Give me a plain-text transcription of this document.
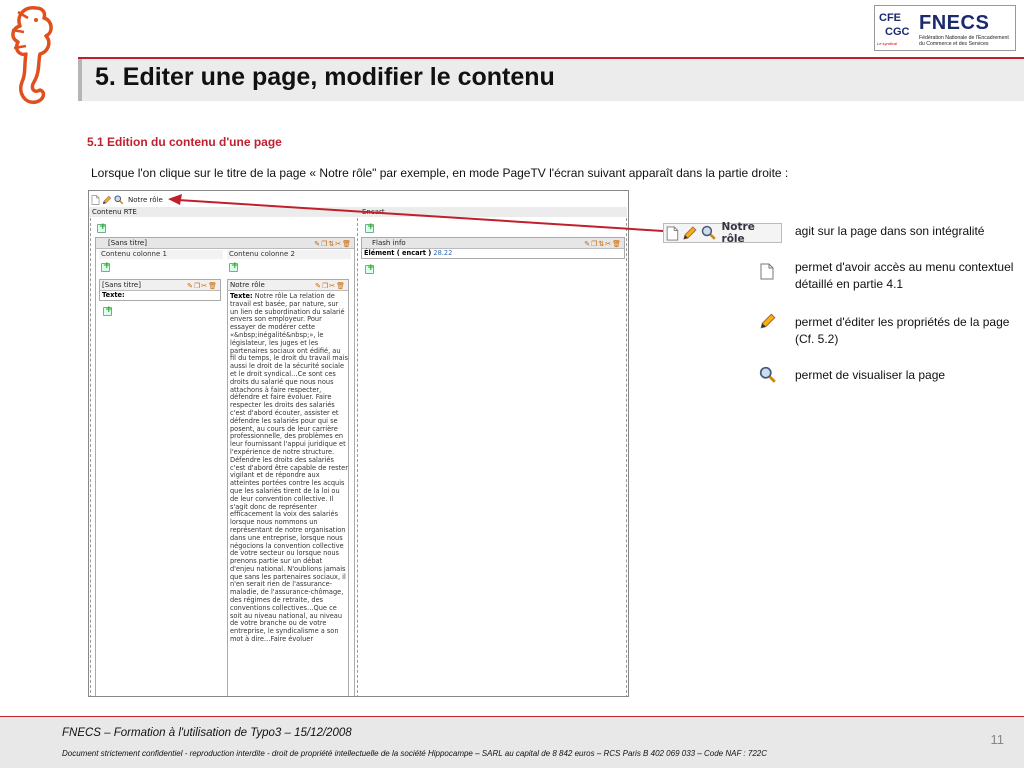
5. Editer une page, modifier le contenu
CFE
CGC
Le syndical
FNECS
Fédération Nationale de l'Encadrement
du Commerce et des Services
5.1 Edition du contenu d'une page
Lorsque l'on clique sur le titre de la page « Notre rôle" par exemple, en mode PageTV l'écran suivant apparaît dans la partie droite :
Notre rôle
Contenu RTE	Encart
+
+
[Sans titre]	✎❐⇅✂🗑
Contenu colonne 1	Contenu colonne 2
+
+
[Sans titre]	✎❐✂🗑
Texte:
+
Notre rôle	✎❐✂🗑
Texte: Notre rôle La relation de travail est basée, par nature, sur un lien de subordination du salarié envers son employeur. Pour essayer de modérer cette «&nbsp;inégalité&nbsp;», le législateur, les juges et les partenaires sociaux ont édifié, au fil du temps, le droit du travail mais aussi le droit de la sécurité sociale et le droit syndical…Ce sont ces droits du salarié que nous nous attachons à faire respecter, défendre et faire évoluer. Faire respecter les droits des salariés c'est d'abord écouter, assister et défendre les salariés pour qui se posent, au cours de leur carrière professionnelle, des problèmes en leur fournissant l'appui juridique et l'expérience de notre structure. Défendre les droits des salariés c'est d'abord être capable de rester vigilant et de répondre aux atteintes portées contre les acquis que les salariés tirent de la loi ou de leur convention collective. Il s'agit donc de représenter efficacement la voix des salariés lorsque nous nommons un représentant de notre organisation dans une entreprise, lorsque nous négocions la convention collective de votre secteur ou lorsque nous prenons partie sur un débat d'enjeu national. N'oublions jamais que sans les partenaires sociaux, il n'en serait rien de l'assurance-maladie, de l'assurance-chômage, des régimes de retraite, des conventions collectives…Que ce soit au niveau national, au niveau de votre branche ou de votre entreprise, le syndicalisme a son mot à dire…Faire évoluer
Flash info	✎❐⇅✂🗑
Élément ( encart ) 28.22
+
Notre rôle
agit sur la page dans son intégralité
permet d'avoir accès au menu contextuel détaillé en partie 4.1
permet d'éditer les propriétés de la page (Cf. 5.2)
permet de visualiser la page
FNECS – Formation à l'utilisation de Typo3 – 15/12/2008
Document strictement confidentiel - reproduction interdite - droit de propriété intellectuelle de la société Hippocampe – SARL au capital de 8 842 euros – RCS Paris B 402 069 033 – Code NAF : 722C
11
